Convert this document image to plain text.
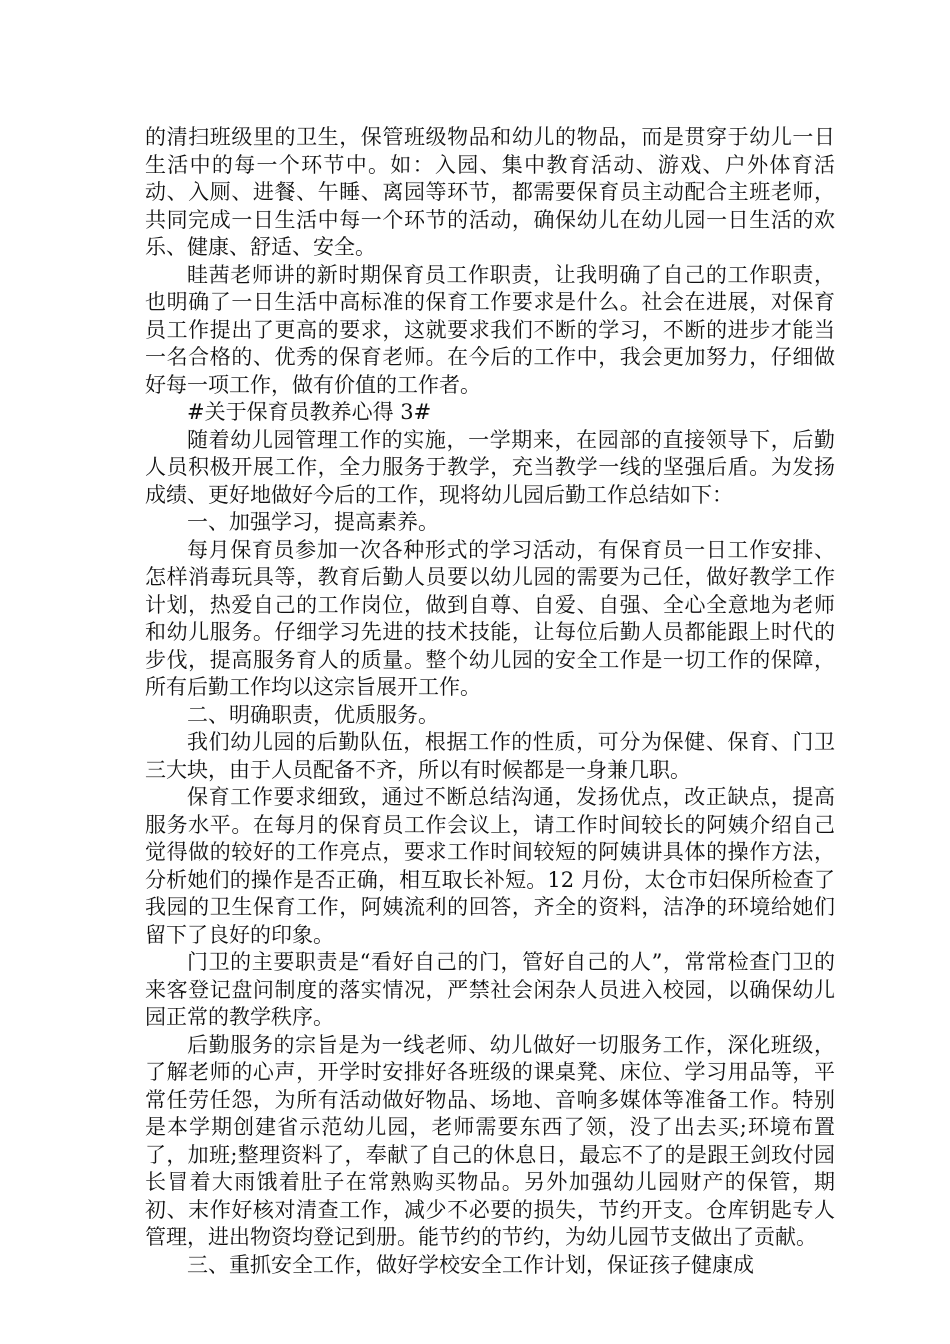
的清扫班级里的卫生，保管班级物品和幼儿的物品，而是贯穿于幼儿一日生活中的每一个环节中。如：入园、集中教育活动、游戏、户外体育活动、入厕、进餐、午睡、离园等环节，都需要保育员主动配合主班老师，共同完成一日生活中每一个环节的活动，确保幼儿在幼儿园一日生活的欢乐、健康、舒适、安全。

眭茜老师讲的新时期保育员工作职责，让我明确了自己的工作职责，也明确了一日生活中高标准的保育工作要求是什么。社会在进展，对保育员工作提出了更高的要求，这就要求我们不断的学习，不断的进步才能当一名合格的、优秀的保育老师。在今后的工作中，我会更加努力，仔细做好每一项工作，做有价值的工作者。

#关于保育员教养心得 3#

随着幼儿园管理工作的实施，一学期来，在园部的直接领导下，后勤人员积极开展工作，全力服务于教学，充当教学一线的坚强后盾。为发扬成绩、更好地做好今后的工作，现将幼儿园后勤工作总结如下：

一、加强学习，提高素养。

每月保育员参加一次各种形式的学习活动，有保育员一日工作安排、怎样消毒玩具等，教育后勤人员要以幼儿园的需要为己任，做好教学工作计划，热爱自己的工作岗位，做到自尊、自爱、自强、全心全意地为老师和幼儿服务。仔细学习先进的技术技能，让每位后勤人员都能跟上时代的步伐，提高服务育人的质量。整个幼儿园的安全工作是一切工作的保障，所有后勤工作均以这宗旨展开工作。

二、明确职责，优质服务。

我们幼儿园的后勤队伍，根据工作的性质，可分为保健、保育、门卫三大块，由于人员配备不齐，所以有时候都是一身兼几职。

保育工作要求细致，通过不断总结沟通，发扬优点，改正缺点，提高服务水平。在每月的保育员工作会议上，请工作时间较长的阿姨介绍自己觉得做的较好的工作亮点，要求工作时间较短的阿姨讲具体的操作方法，分析她们的操作是否正确，相互取长补短。12 月份，太仓市妇保所检查了我园的卫生保育工作，阿姨流利的回答，齐全的资料，洁净的环境给她们留下了良好的印象。

门卫的主要职责是“看好自己的门，管好自己的人”，常常检查门卫的来客登记盘问制度的落实情况，严禁社会闲杂人员进入校园，以确保幼儿园正常的教学秩序。

后勤服务的宗旨是为一线老师、幼儿做好一切服务工作，深化班级，了解老师的心声，开学时安排好各班级的课桌凳、床位、学习用品等，平常任劳任怨，为所有活动做好物品、场地、音响多媒体等准备工作。特别是本学期创建省示范幼儿园，老师需要东西了领，没了出去买;环境布置了，加班;整理资料了，奉献了自己的休息日，最忘不了的是跟王剑玫付园长冒着大雨饿着肚子在常熟购买物品。另外加强幼儿园财产的保管，期初、末作好核对清查工作，减少不必要的损失，节约开支。仓库钥匙专人管理，进出物资均登记到册。能节约的节约，为幼儿园节支做出了贡献。

三、重抓安全工作，做好学校安全工作计划，保证孩子健康成
